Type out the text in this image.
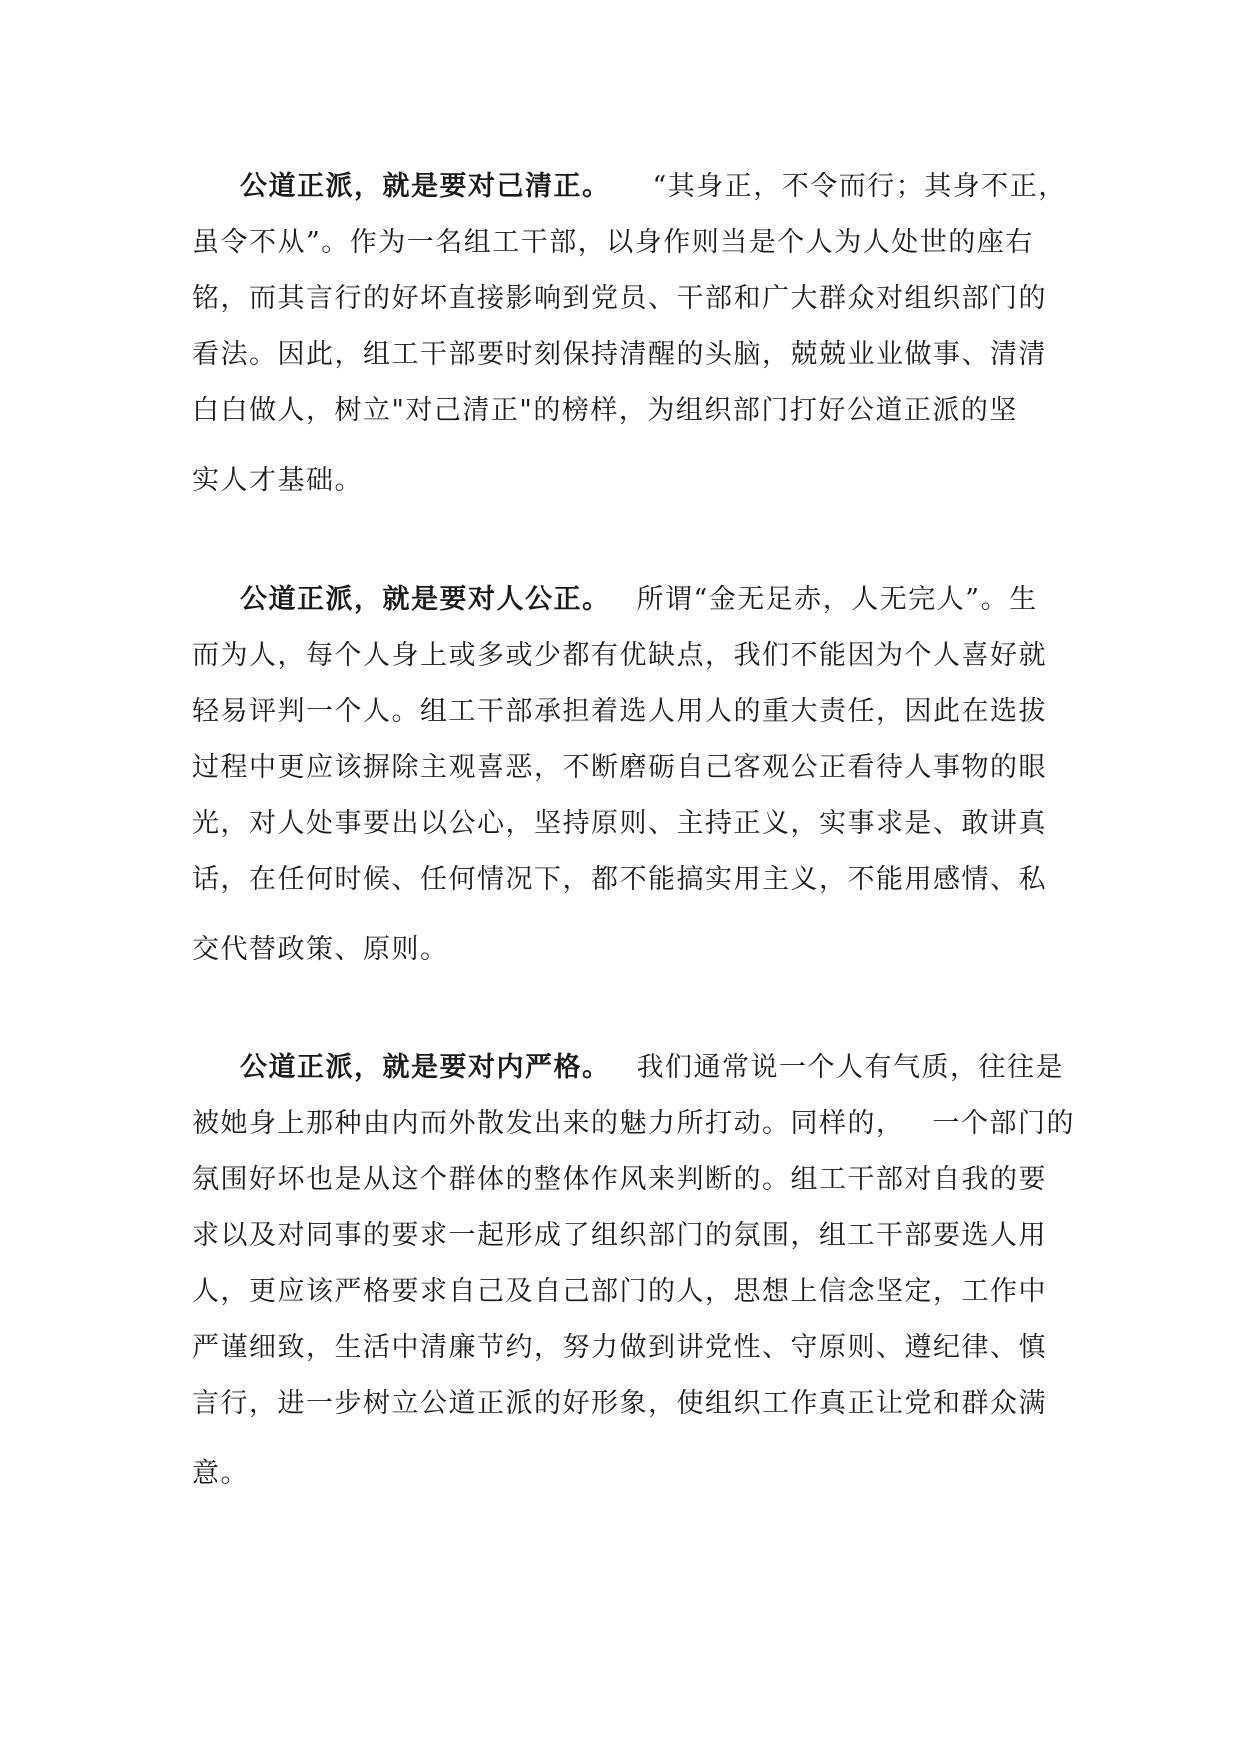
公道正派，就是要对己清正。 “其身正，不令而行；其身不正，
虽令不从”。作为一名组工干部，以身作则当是个人为人处世的座右
铭，而其言行的好坏直接影响到党员、干部和广大群众对组织部门的
看法。因此，组工干部要时刻保持清醒的头脑，兢兢业业做事、清清
白白做人，树立"对己清正"的榜样，为组织部门打好公道正派的坚
实人才基础。
公道正派，就是要对人公正。 所谓“金无足赤，人无完人”。生
而为人，每个人身上或多或少都有优缺点，我们不能因为个人喜好就
轻易评判一个人。组工干部承担着选人用人的重大责任，因此在选拔
过程中更应该摒除主观喜恶，不断磨砺自己客观公正看待人事物的眼
光，对人处事要出以公心，坚持原则、主持正义，实事求是、敢讲真
话，在任何时候、任何情况下，都不能搞实用主义，不能用感情、私
交代替政策、原则。
公道正派，就是要对内严格。 我们通常说一个人有气质，往往是
被她身上那种由内而外散发出来的魅力所打动。同样的， 一个部门的
氛围好坏也是从这个群体的整体作风来判断的。组工干部对自我的要
求以及对同事的要求一起形成了组织部门的氛围，组工干部要选人用
人，更应该严格要求自己及自己部门的人，思想上信念坚定，工作中
严谨细致，生活中清廉节约，努力做到讲党性、守原则、遵纪律、慎
言行，进一步树立公道正派的好形象，使组织工作真正让党和群众满
意。
